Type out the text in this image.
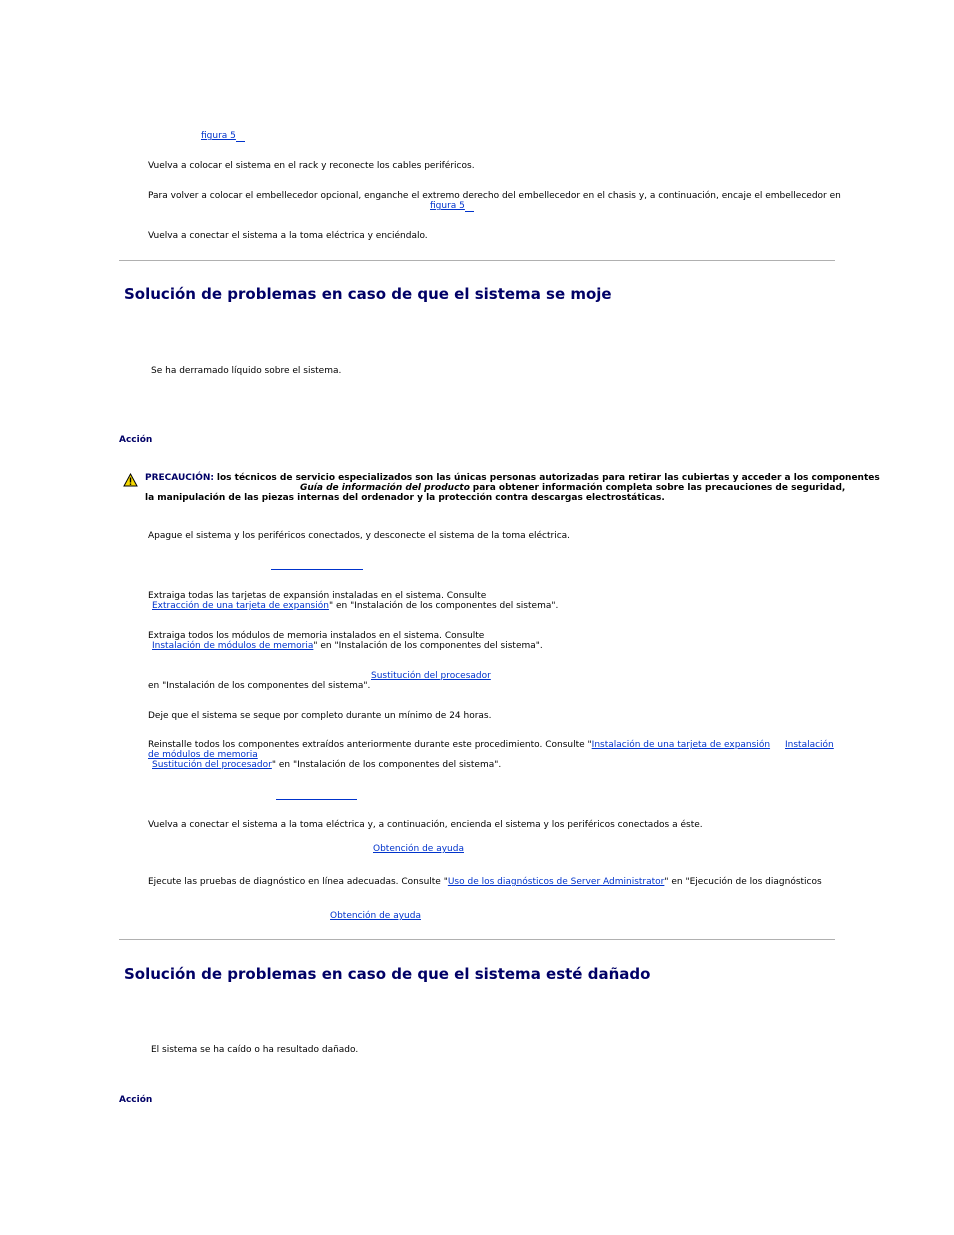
figura 5
Vuelva a colocar el sistema en el rack y reconecte los cables periféricos.
Para volver a colocar el embellecedor opcional, enganche el extremo derecho del embellecedor en el chasis y, a continuación, encaje el embellecedor en
figura 5
Vuelva a conectar el sistema a la toma eléctrica y enciéndalo.
Solución de problemas en caso de que el sistema se moje
Se ha derramado líquido sobre el sistema.
Acción
PRECAUCIÓN: los técnicos de servicio especializados son las únicas personas autorizadas para retirar las cubiertas y acceder a los componentes
Guía de información del producto para obtener información completa sobre las precauciones de seguridad,
la manipulación de las piezas internas del ordenador y la protección contra descargas electrostáticas.
Apague el sistema y los periféricos conectados, y desconecte el sistema de la toma eléctrica.
Extraiga todas las tarjetas de expansión instaladas en el sistema. Consulte
Extracción de una tarjeta de expansión" en "Instalación de los componentes del sistema".
Extraiga todos los módulos de memoria instalados en el sistema. Consulte
Instalación de módulos de memoria" en "Instalación de los componentes del sistema".
Sustitución del procesador
en "Instalación de los componentes del sistema".
Deje que el sistema se seque por completo durante un mínimo de 24 horas.
Reinstalle todos los componentes extraídos anteriormente durante este procedimiento. Consulte "Instalación de una tarjeta de expansión Instalación
de módulos de memoria
Sustitución del procesador" en "Instalación de los componentes del sistema".
Vuelva a conectar el sistema a la toma eléctrica y, a continuación, encienda el sistema y los periféricos conectados a éste.
Obtención de ayuda
Ejecute las pruebas de diagnóstico en línea adecuadas. Consulte "Uso de los diagnósticos de Server Administrator" en "Ejecución de los diagnósticos
Obtención de ayuda
Solución de problemas en caso de que el sistema esté dañado
El sistema se ha caído o ha resultado dañado.
Acción
